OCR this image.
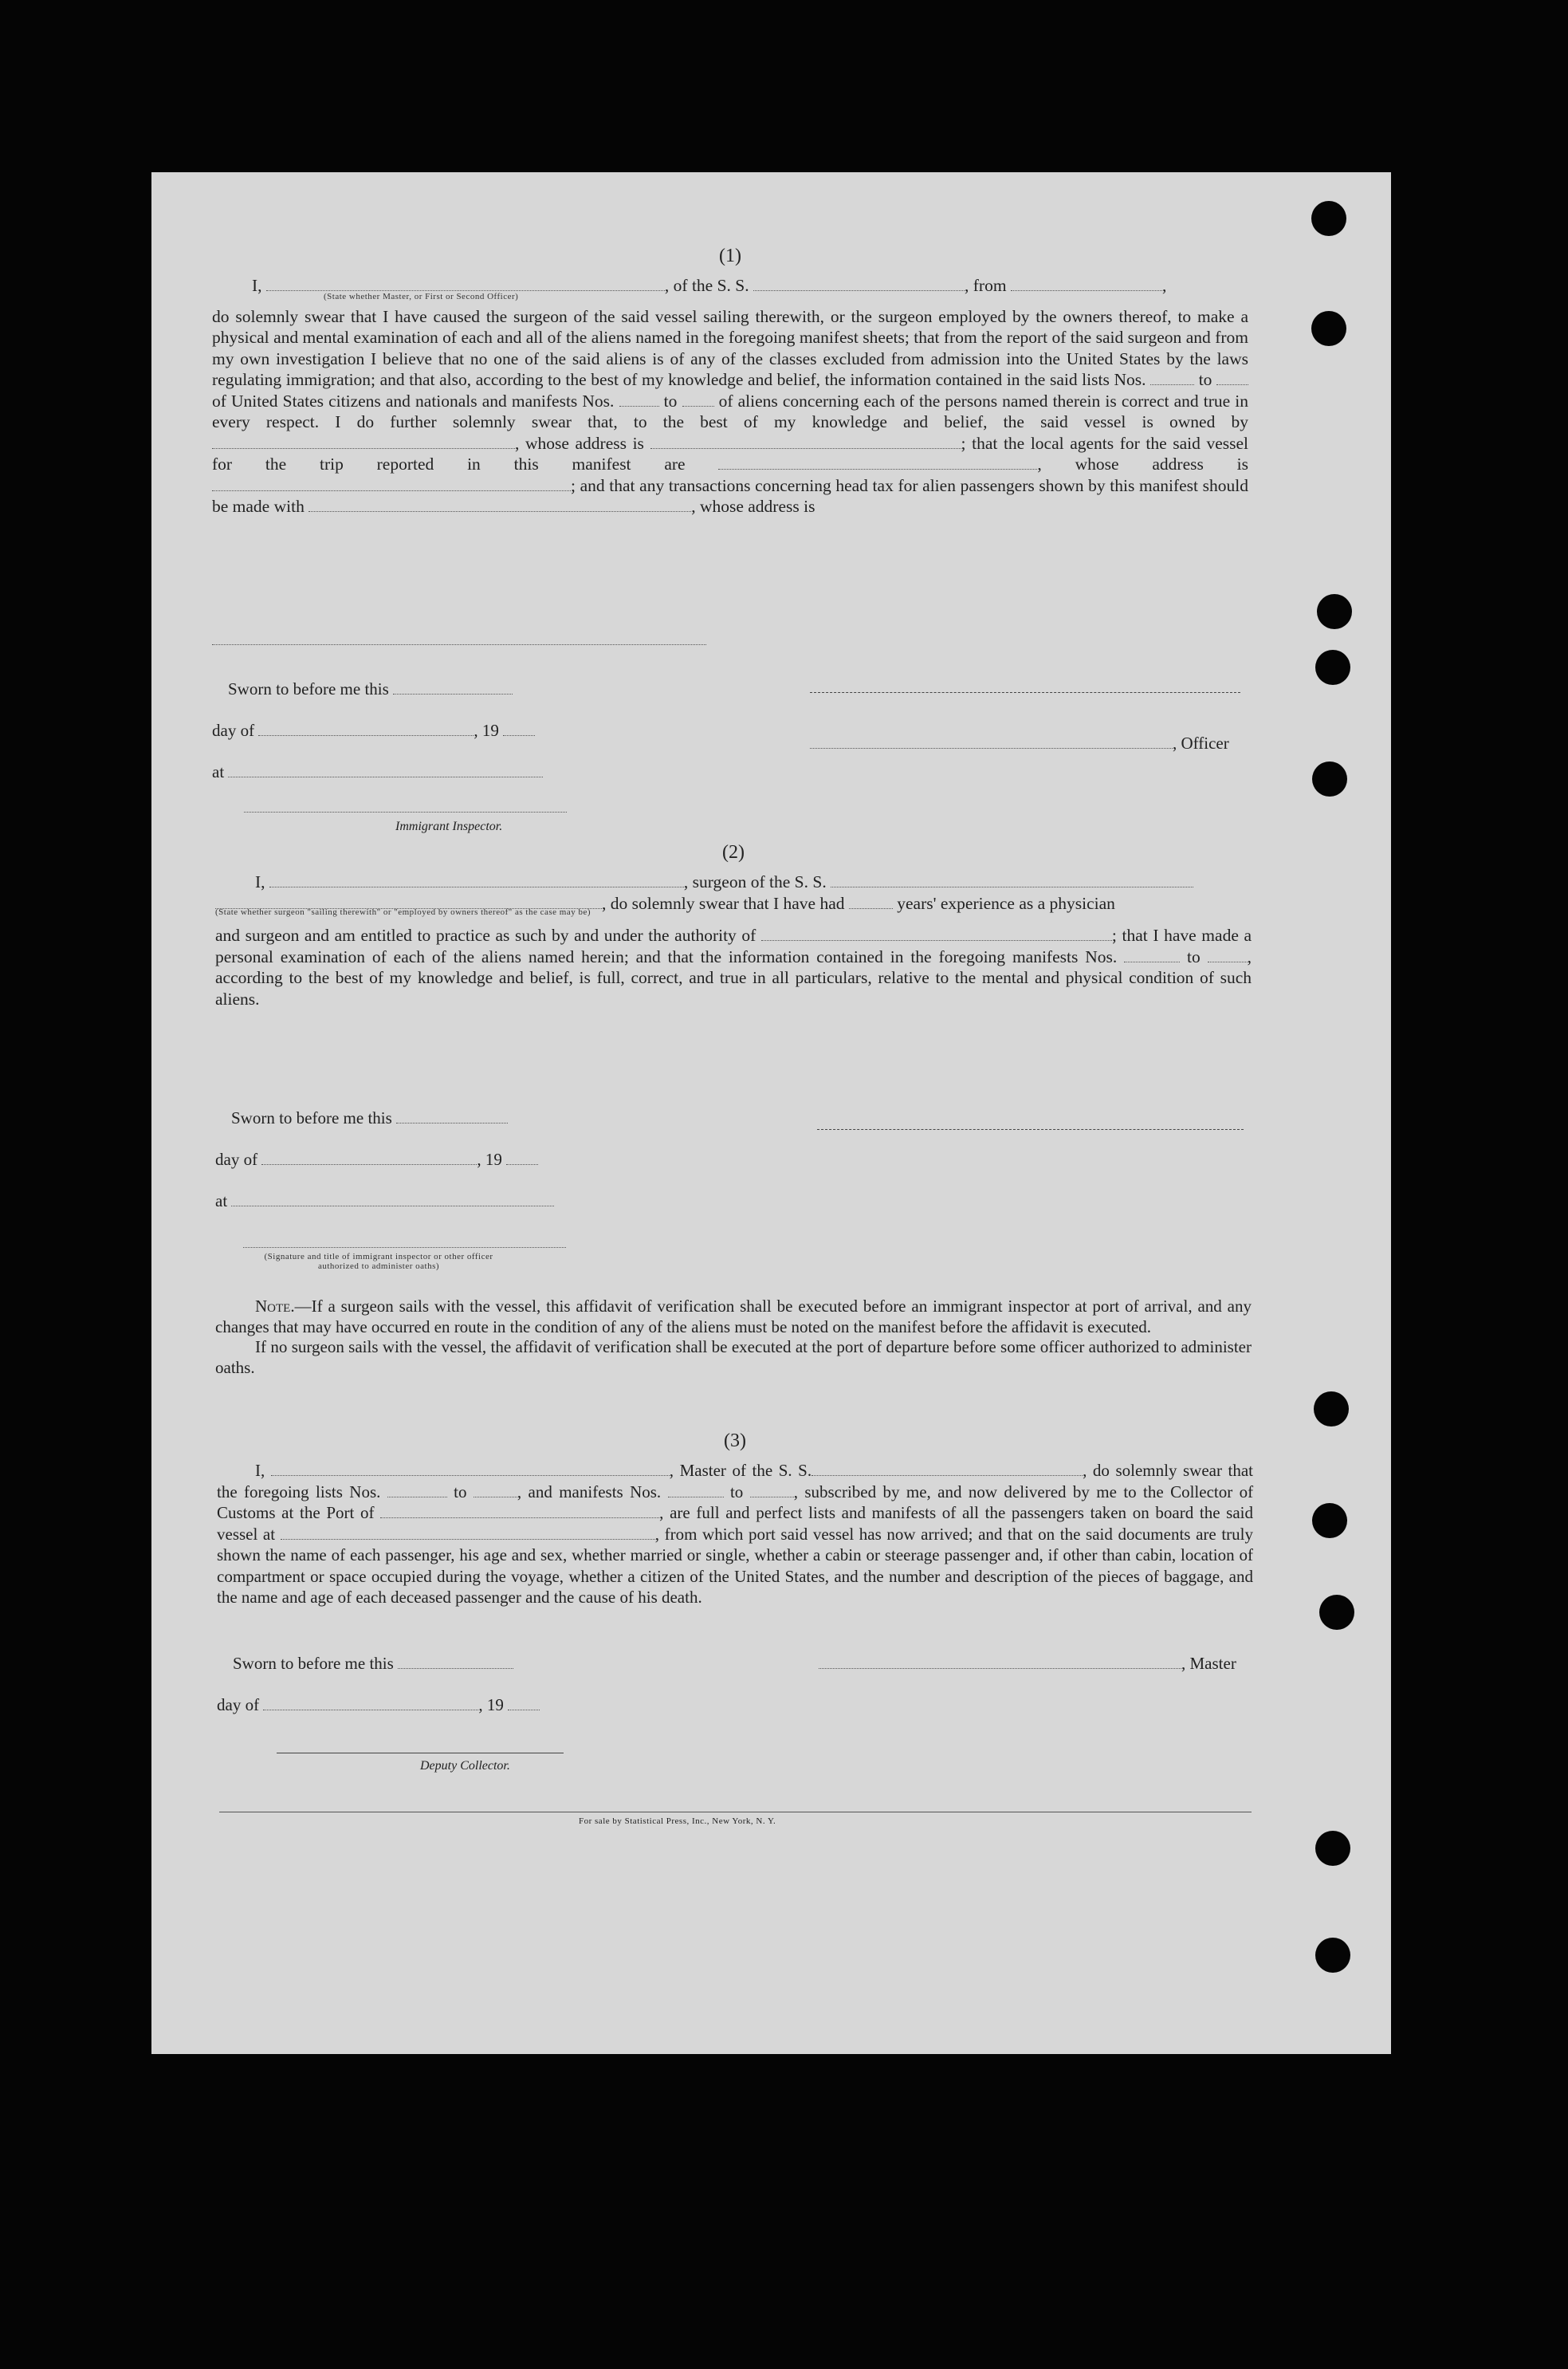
(1)

I,	, of the S. S.	, from	,

(State whether Master, or First or Second Officer)

do solemnly swear that I have caused the surgeon of the said vessel sailing therewith, or the surgeon employed by the owners thereof, to make a physical and mental examination of each and all of the aliens named in the foregoing manifest sheets; that from the report of the said surgeon and from my own investigation I believe that no one of the said aliens is of any of the classes excluded from admission into the United States by the laws regulating immigration; and that also, according to the best of my knowledge and belief, the information contained in the said lists Nos.	to  of United States citizens and nationals and manifests Nos.	to of aliens concerning each of the persons named therein is correct and true in every respect. I do further solemnly swear that, to the best of my knowledge and belief, the said vessel is owned by , whose address is	; that the local agents for the said vessel for the trip reported in this manifest are	, whose address is ; and that any transactions concerning head tax for alien passengers shown by this manifest should be made with	, whose address is

Sworn to before me this
day of	, 19
at
Immigrant Inspector.
, Officer
(2)

I,	, surgeon of the S. S.

, do solemnly swear that I have had	years' experience as a physician

(State whether surgeon "sailing therewith" or "employed by owners thereof" as the case may be)

and surgeon and am entitled to practice as such by and under the authority of	; that I have made a personal examination of each of the aliens named herein; and that the information contained in the foregoing manifests Nos.	to	, according to the best of my knowledge and belief, is full, correct, and true in all particulars, relative to the mental and physical condition of such aliens.

Sworn to before me this
day of	, 19
at
(Signature and title of immigrant inspector or other officer authorized to administer oaths)

Note.—If a surgeon sails with the vessel, this affidavit of verification shall be executed before an immigrant inspector at port of arrival, and any changes that may have occurred en route in the condition of any of the aliens must be noted on the manifest before the affidavit is executed.

If no surgeon sails with the vessel, the affidavit of verification shall be executed at the port of departure before some officer authorized to administer oaths.

(3)

I,	, Master of the S. S.	, do solemnly swear that the foregoing lists Nos.	to	, and manifests Nos.	to	, subscribed by me, and now delivered by me to the Collector of Customs at the Port of	, are full and perfect lists and manifests of all the passengers taken on board the said vessel at	, from which port said vessel has now arrived; and that on the said documents are truly shown the name of each passenger, his age and sex, whether married or single, whether a cabin or steerage passenger and, if other than cabin, location of compartment or space occupied during the voyage, whether a citizen of the United States, and the number and description of the pieces of baggage, and the name and age of each deceased passenger and the cause of his death.

Sworn to before me this	, Master
day of	, 19
Deputy Collector.
For sale by Statistical Press, Inc., New York, N. Y.
